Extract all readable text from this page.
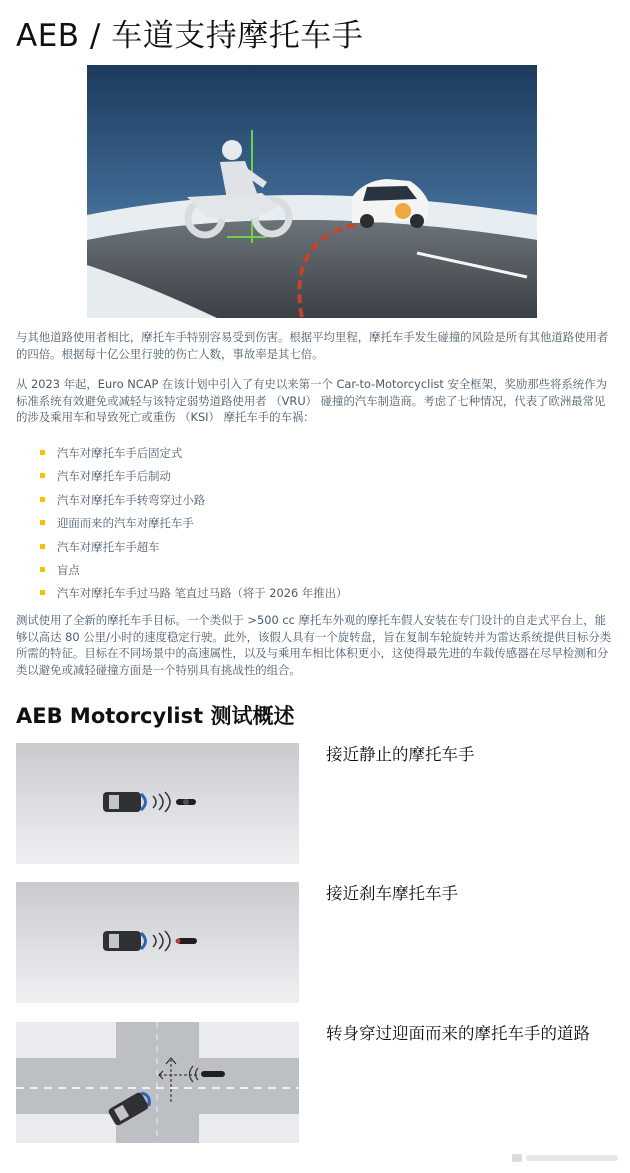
AEB / 车道支持摩托车手

与其他道路使用者相比，摩托车手特别容易受到伤害。根据平均里程，摩托车手发生碰撞的风险是所有其他道路使用者的四倍。根据每十亿公里行驶的伤亡人数，事故率是其七倍。

从 2023 年起，Euro NCAP 在该计划中引入了有史以来第一个 Car-to-Motorcyclist 安全框架，奖励那些将系统作为标准系统有效避免或减轻与该特定弱势道路使用者 （VRU） 碰撞的汽车制造商。考虑了七种情况，代表了欧洲最常见的涉及乘用车和导致死亡或重伤 （KSI） 摩托车手的车祸：

汽车对摩托车手后固定式
汽车对摩托车手后制动
汽车对摩托车手转弯穿过小路
迎面而来的汽车对摩托车手
汽车对摩托车手超车
盲点
汽车对摩托车手过马路 笔直过马路（将于 2026 年推出）

测试使用了全新的摩托车手目标。一个类似于 >500 cc 摩托车外观的摩托车假人安装在专门设计的自走式平台上，能够以高达 80 公里/小时的速度稳定行驶。此外，该假人具有一个旋转盘，旨在复制车轮旋转并为雷达系统提供目标分类所需的特征。目标在不同场景中的高速属性，以及与乘用车相比体积更小，这使得最先进的车载传感器在尽早检测和分类以避免或减轻碰撞方面是一个特别具有挑战性的组合。

AEB Motorcylist 测试概述
接近静止的摩托车手
接近刹车摩托车手
转身穿过迎面而来的摩托车手的道路
